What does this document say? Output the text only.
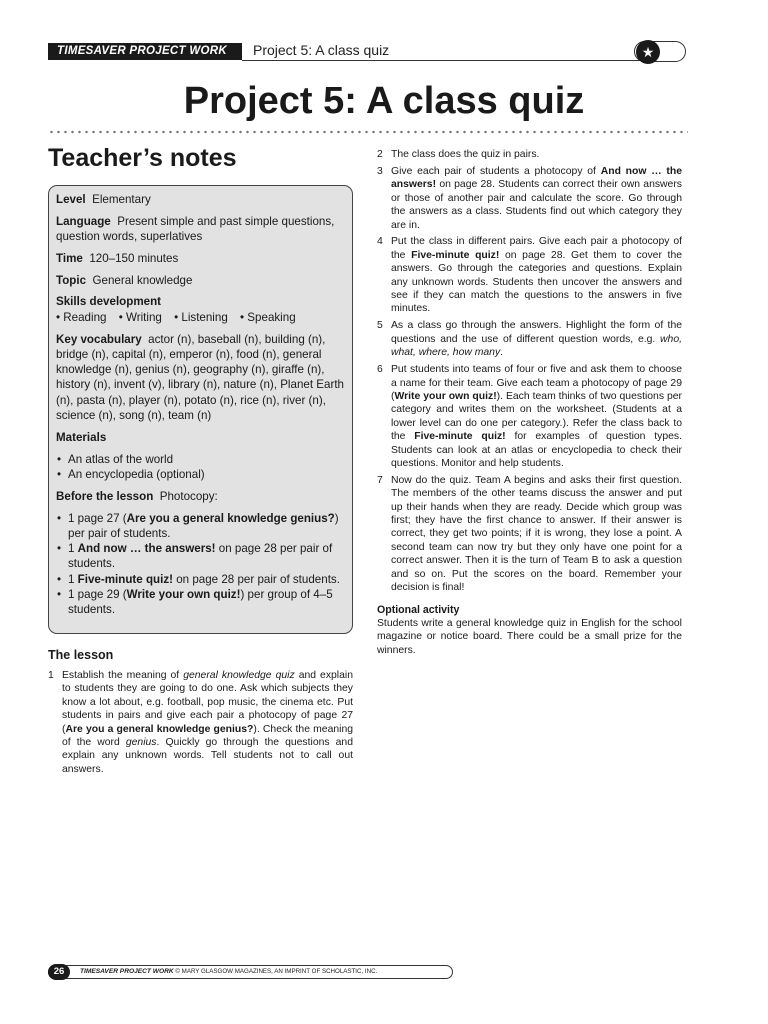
TIMESAVER PROJECT WORK	Project 5: A class quiz	★
Project 5: A class quiz
Teacher’s notes

Level Elementary

Language Present simple and past simple questions, question words, superlatives

Time 120–150 minutes

Topic General knowledge

Skills development
• Reading • Writing • Listening • Speaking

Key vocabulary actor (n), baseball (n), building (n), bridge (n), capital (n), emperor (n), food (n), general knowledge (n), genius (n), geography (n), giraffe (n), history (n), invent (v), library (n), nature (n), Planet Earth (n), pasta (n), player (n), potato (n), rice (n), river (n), science (n), song (n), team (n)

Materials

• An atlas of the world
• An encyclopedia (optional)

Before the lesson Photocopy:

• 1 page 27 (Are you a general knowledge genius?) per pair of students.
• 1 And now … the answers! on page 28 per pair of students.
• 1 Five-minute quiz! on page 28 per pair of students.
• 1 page 29 (Write your own quiz!) per group of 4–5 students.

The lesson
1 Establish the meaning of general knowledge quiz and explain to students they are going to do one. Ask which subjects they know a lot about, e.g. football, pop music, the cinema etc. Put students in pairs and give each pair a photocopy of page 27 (Are you a general knowledge genius?). Check the meaning of the word genius. Quickly go through the questions and explain any unknown words. Tell students not to call out answers.
2 The class does the quiz in pairs.
3 Give each pair of students a photocopy of And now … the answers! on page 28. Students can correct their own answers or those of another pair and calculate the score. Go through the answers as a class. Students find out which category they are in.
4 Put the class in different pairs. Give each pair a photocopy of the Five-minute quiz! on page 28. Get them to cover the answers. Go through the categories and questions. Explain any unknown words. Students then uncover the answers and see if they can match the questions to the answers in five minutes.
5 As a class go through the answers. Highlight the form of the questions and the use of different question words, e.g. who, what, where, how many.
6 Put students into teams of four or five and ask them to choose a name for their team. Give each team a photocopy of page 29 (Write your own quiz!). Each team thinks of two questions per category and writes them on the worksheet. (Students at a lower level can do one per category.). Refer the class back to the Five-minute quiz! for examples of question types. Students can look at an atlas or encyclopedia to check their questions. Monitor and help students.
7 Now do the quiz. Team A begins and asks their first question. The members of the other teams discuss the answer and put up their hands when they are ready. Decide which group was first; they have the first chance to answer. If their answer is correct, they get two points; if it is wrong, they lose a point. A second team can now try but they only have one point for a correct answer. Then it is the turn of Team B to ask a question and so on. Put the scores on the board. Remember your decision is final!
Optional activity
Students write a general knowledge quiz in English for the school magazine or notice board. There could be a small prize for the winners.
26	TIMESAVER PROJECT WORK © MARY GLASGOW MAGAZINES, AN IMPRINT OF SCHOLASTIC, INC.
